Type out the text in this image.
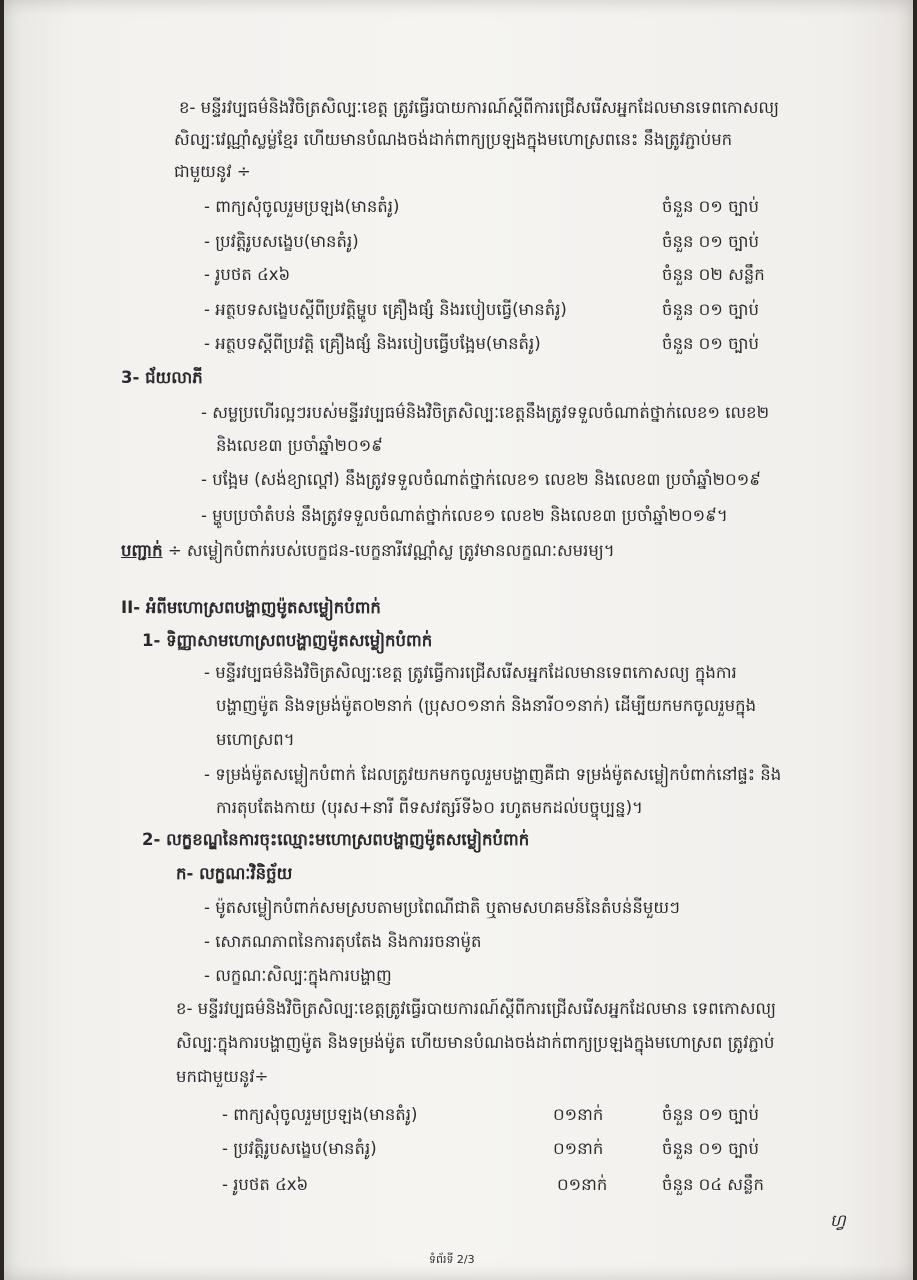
ខ- មន្ទីរវប្បធម៌និងវិចិត្រសិល្បៈខេត្ត ត្រូវធ្វើរបាយការណ៍ស្ដីពីការជ្រើសរើសអ្នកដែលមានទេពកោសល្យ
សិល្បៈវេណ្ណាំស្លម្ល់ខ្មែរ ហើយមានបំណងចង់ដាក់ពាក្យប្រឡងក្នុងមហោស្រពនេះ នឹងត្រូវភ្ជាប់មក
ជាមួយនូវ ÷
- ពាក្យសុំចូលរួមប្រឡង(មានតំរូ)	ចំនួន ០១ ច្បាប់
- ប្រវត្តិរូបសង្ខេប(មានតំរូ)	ចំនួន ០១ ច្បាប់
- រូបថត ៤x៦	ចំនួន ០២ សន្លឹក
- អត្ថបទសង្ខេបស្ដីពីប្រវត្តិម្ហូប គ្រឿងផ្សំ និងរបៀបធ្វើ(មានតំរូ)	ចំនួន ០១ ច្បាប់
- អត្ថបទស្ដីពីប្រវត្តិ គ្រឿងផ្សំ និងរបៀបធ្វើបង្អែម(មានតំរូ)	ចំនួន ០១ ច្បាប់
3- ជ័យលាភី
- សម្លប្រហើរល្អៗរបស់មន្ទីរវប្បធម៌និងវិចិត្រសិល្បៈខេត្តនឹងត្រូវទទួលចំណាត់ថ្នាក់លេខ១ លេខ២
និងលេខ៣ ប្រចាំឆ្នាំ២០១៩
- បង្អែម (សង់ខ្យាល្ពៅ) នឹងត្រូវទទួលចំណាត់ថ្នាក់លេខ១ លេខ២ និងលេខ៣ ប្រចាំឆ្នាំ២០១៩
- ម្ហូបប្រចាំតំបន់ នឹងត្រូវទទួលចំណាត់ថ្នាក់លេខ១ លេខ២ និងលេខ៣ ប្រចាំឆ្នាំ២០១៩។
បញ្ជាក់ ÷ សម្លៀកបំពាក់របស់បេក្ខជន-បេក្ខនារីវេណ្ណាំស្ល ត្រូវមានលក្ខណៈសមរម្យ។
II- អំពីមហោស្រពបង្ហាញម៉ូតសម្លៀកបំពាក់
1- ទិញ្ញាសាមហោស្រពបង្ហាញម៉ូតសម្លៀកបំពាក់
- មន្ទីរវប្បធម៌និងវិចិត្រសិល្បៈខេត្ត ត្រូវធ្វើការជ្រើសរើសអ្នកដែលមានទេពកោសល្យ ក្នុងការ
បង្ហាញម៉ូត និងទម្រង់ម៉ូត០២នាក់ (ប្រុស០១នាក់ និងនារី០១នាក់) ដើម្បីយកមកចូលរួមក្នុង
មហោស្រព។
- ទម្រង់ម៉ូតសម្លៀកបំពាក់ ដែលត្រូវយកមកចូលរួមបង្ហាញគឺជា ទម្រង់ម៉ូតសម្លៀកបំពាក់នៅផ្ទះ និង
ការតុបតែងកាយ (បុរស+នារី ពីទសវត្សរ៍ទី៦០ រហូតមកដល់បច្ចុប្បន្ន)។
2- លក្ខខណ្ឌនៃការចុះឈ្មោះមហោស្រពបង្ហាញម៉ូតសម្លៀកបំពាក់
ក- លក្ខណៈវិនិច្ឆ័យ
- ម៉ូតសម្លៀកបំពាក់សមស្របតាមប្រពៃណីជាតិ ឬតាមសហគមន៍នៃតំបន់នីមួយៗ
- សោភណភាពនៃការតុបតែង និងការរចនាម៉ូត
- លក្ខណៈសិល្បៈក្នុងការបង្ហាញ
ខ- មន្ទីរវប្បធម៌និងវិចិត្រសិល្បៈខេត្តត្រូវធ្វើរបាយការណ៍ស្ដីពីការជ្រើសរើសអ្នកដែលមាន ទេពកោសល្យ
សិល្បៈក្នុងការបង្ហាញម៉ូត និងទម្រង់ម៉ូត ហើយមានបំណងចង់ដាក់ពាក្យប្រឡងក្នុងមហោស្រព ត្រូវភ្ជាប់
មកជាមួយនូវ÷
- ពាក្យសុំចូលរួមប្រឡង(មានតំរូ)	០១នាក់	ចំនួន ០១ ច្បាប់
- ប្រវត្តិរូបសង្ខេប(មានតំរូ)	០១នាក់	ចំនួន ០១ ច្បាប់
- រូបថត ៤x៦	០១នាក់	ចំនួន ០៤ សន្លឹក
ហ្វ
ទំព័រទី 2/3
